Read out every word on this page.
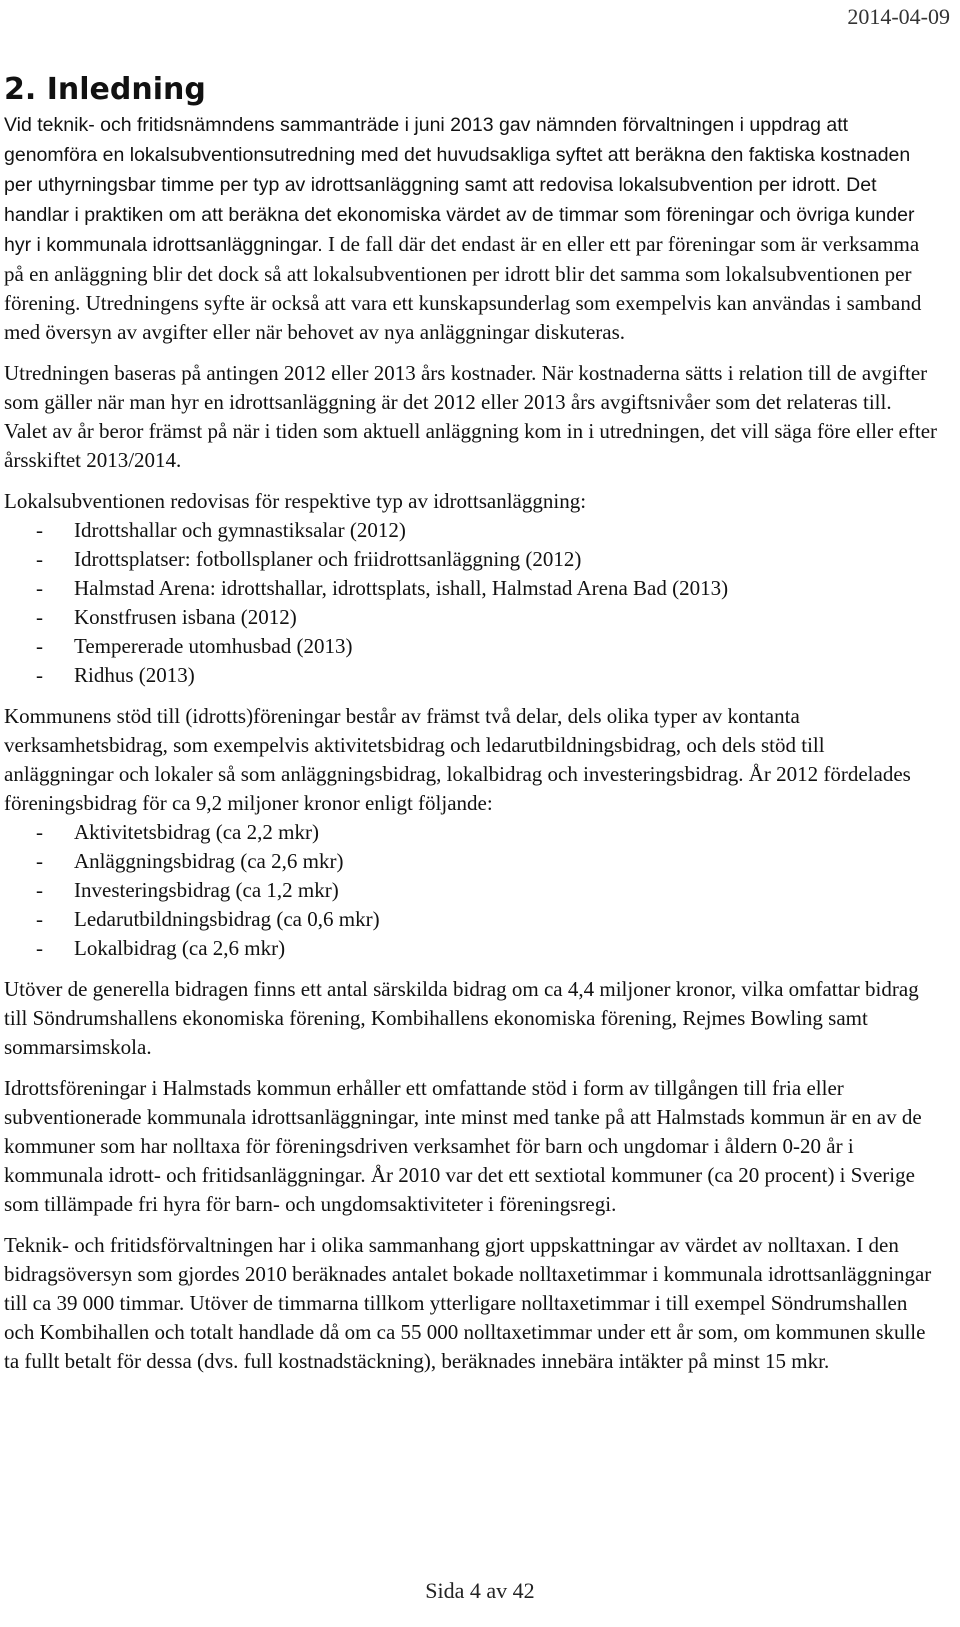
2014-04-09
2. Inledning

Vid teknik- och fritidsnämndens sammanträde i juni 2013 gav nämnden förvaltningen i uppdrag att genomföra en lokalsubventionsutredning med det huvudsakliga syftet att beräkna den faktiska kostnaden per uthyrningsbar timme per typ av idrottsanläggning samt att redovisa lokalsubvention per idrott. Det handlar i praktiken om att beräkna det ekonomiska värdet av de timmar som föreningar och övriga kunder hyr i kommunala idrottsanläggningar. I de fall där det endast är en eller ett par föreningar som är verksamma på en anläggning blir det dock så att lokalsubventionen per idrott blir det samma som lokalsubventionen per förening. Utredningens syfte är också att vara ett kunskapsunderlag som exempelvis kan användas i samband med översyn av avgifter eller när behovet av nya anläggningar diskuteras.

Utredningen baseras på antingen 2012 eller 2013 års kostnader. När kostnaderna sätts i relation till de avgifter som gäller när man hyr en idrottsanläggning är det 2012 eller 2013 års avgiftsnivåer som det relateras till. Valet av år beror främst på när i tiden som aktuell anläggning kom in i utredningen, det vill säga före eller efter årsskiftet 2013/2014.

Lokalsubventionen redovisas för respektive typ av idrottsanläggning:

- Idrottshallar och gymnastiksalar (2012)
- Idrottsplatser: fotbollsplaner och friidrottsanläggning (2012)
- Halmstad Arena: idrottshallar, idrottsplats, ishall, Halmstad Arena Bad (2013)
- Konstfrusen isbana (2012)
- Tempererade utomhusbad (2013)
- Ridhus (2013)

Kommunens stöd till (idrotts)föreningar består av främst två delar, dels olika typer av kontanta verksamhetsbidrag, som exempelvis aktivitetsbidrag och ledarutbildningsbidrag, och dels stöd till anläggningar och lokaler så som anläggningsbidrag, lokalbidrag och investeringsbidrag. År 2012 fördelades föreningsbidrag för ca 9,2 miljoner kronor enligt följande:

- Aktivitetsbidrag (ca 2,2 mkr)
- Anläggningsbidrag (ca 2,6 mkr)
- Investeringsbidrag (ca 1,2 mkr)
- Ledarutbildningsbidrag (ca 0,6 mkr)
- Lokalbidrag (ca 2,6 mkr)

Utöver de generella bidragen finns ett antal särskilda bidrag om ca 4,4 miljoner kronor, vilka omfattar bidrag till Söndrumshallens ekonomiska förening, Kombihallens ekonomiska förening, Rejmes Bowling samt sommarsimskola.

Idrottsföreningar i Halmstads kommun erhåller ett omfattande stöd i form av tillgången till fria eller subventionerade kommunala idrottsanläggningar, inte minst med tanke på att Halmstads kommun är en av de kommuner som har nolltaxa för föreningsdriven verksamhet för barn och ungdomar i åldern 0-20 år i kommunala idrott- och fritidsanläggningar. År 2010 var det ett sextiotal kommuner (ca 20 procent) i Sverige som tillämpade fri hyra för barn- och ungdomsaktiviteter i föreningsregi.

Teknik- och fritidsförvaltningen har i olika sammanhang gjort uppskattningar av värdet av nolltaxan. I den bidragsöversyn som gjordes 2010 beräknades antalet bokade nolltaxetimmar i kommunala idrottsanläggningar till ca 39 000 timmar. Utöver de timmarna tillkom ytterligare nolltaxetimmar i till exempel Söndrumshallen och Kombihallen och totalt handlade då om ca 55 000 nolltaxetimmar under ett år som, om kommunen skulle ta fullt betalt för dessa (dvs. full kostnadstäckning), beräknades innebära intäkter på minst 15 mkr.

Sida 4 av 42
